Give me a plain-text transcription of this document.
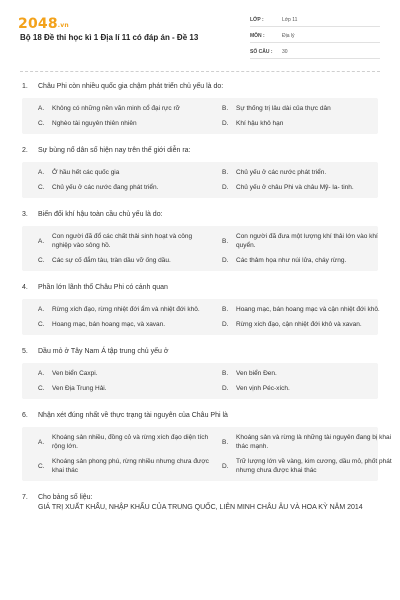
2048.vn
Bộ 18 Đề thi học kì 1 Địa lí 11 có đáp án - Đề 13
LỚP :	Lớp 11
MÔN :	Địa lý
SỐ CÂU :	30
1.	Châu Phi còn nhiều quốc gia chậm phát triển chủ yếu là do:
A.	Không có những nền văn minh cổ đại rực rỡ	B.	Sự thống trị lâu dài của thực dân
C.	Nghèo tài nguyên thiên nhiên	D.	Khí hậu khô hạn
2.	Sự bùng nổ dân số hiện nay trên thế giới diễn ra:
A.	Ở hầu hết các quốc gia	B.	Chủ yếu ở các nước phát triển.
C.	Chủ yếu ở các nước đang phát triển.	D.	Chủ yếu ở châu Phi và châu Mỹ- la- tinh.
3.	Biến đổi khí hậu toàn cầu chủ yếu là do:
A.
Con người đã đổ các chất thải sinh hoạt và công nghiệp vào sông hồ.
B.
Con người đã đưa một lượng khí thải lớn vào khí quyển.
C.	Các sự cố đắm tàu, tràn dầu vỡ ống dầu.	D.	Các thảm họa như núi lửa, cháy rừng.
4.	Phần lớn lãnh thổ Châu Phi có cảnh quan
A.	Rừng xích đạo, rừng nhiệt đới ẩm và nhiệt đới khô.	B.	Hoang mạc, bán hoang mạc và cận nhiệt đới khô.
C.	Hoang mạc, bán hoang mạc, và xavan.	D.	Rừng xích đạo, cận nhiệt đới khô và xavan.
5.	Dầu mỏ ở Tây Nam Á tập trung chủ yếu ở
A.	Ven biển Caxpi.	B.	Ven biển Đen.
C.	Ven Địa Trung Hải.	D.	Ven vịnh Péc-xích.
6.	Nhận xét đúng nhất về thực trạng tài nguyên của Châu Phi là
A.
Khoáng sản nhiều, đồng cỏ và rừng xích đạo diện tích rộng lớn.
B.
Khoáng sản và rừng là những tài nguyên đang bị khai thác mạnh.
C.
Khoáng sản phong phú, rừng nhiều nhưng chưa được khai thác
D.
Trữ lượng lớn về vàng, kim cương, dầu mỏ, phốt phát nhưng chưa được khai thác
7.	Cho bảng số liệu:
GIÁ TRỊ XUẤT KHẨU, NHẬP KHẨU CỦA TRUNG QUỐC, LIÊN MINH CHÂU ÂU VÀ HOA KỲ NĂM 2014
